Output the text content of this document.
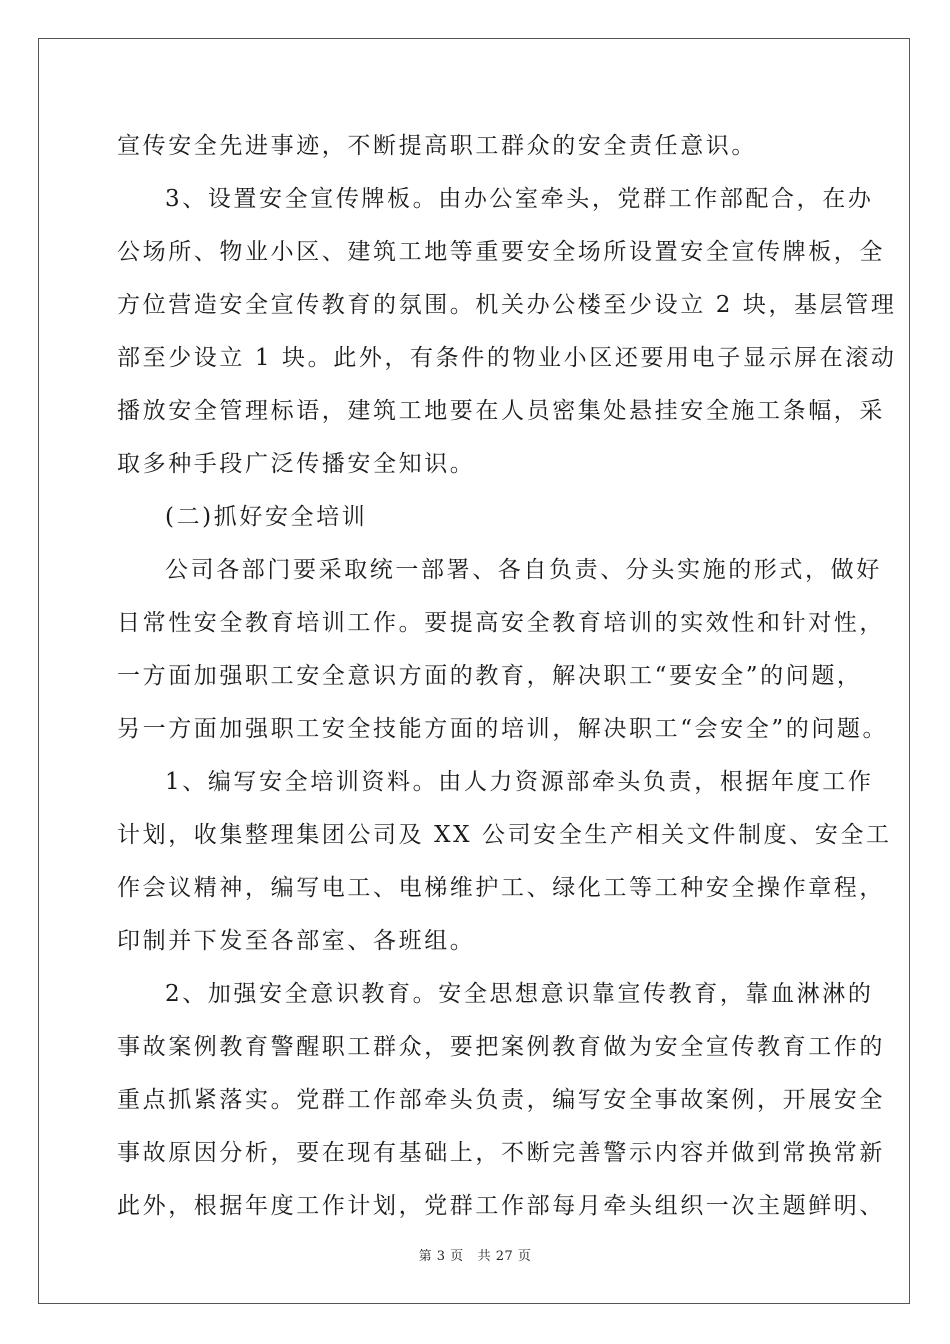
宣传安全先进事迹，不断提高职工群众的安全责任意识。
3、设置安全宣传牌板。由办公室牵头，党群工作部配合，在办
公场所、物业小区、建筑工地等重要安全场所设置安全宣传牌板，全
方位营造安全宣传教育的氛围。机关办公楼至少设立 2 块，基层管理
部至少设立 1 块。此外，有条件的物业小区还要用电子显示屏在滚动
播放安全管理标语，建筑工地要在人员密集处悬挂安全施工条幅，采
取多种手段广泛传播安全知识。
(二)抓好安全培训
公司各部门要采取统一部署、各自负责、分头实施的形式，做好
日常性安全教育培训工作。要提高安全教育培训的实效性和针对性，
一方面加强职工安全意识方面的教育，解决职工“要安全”的问题，
另一方面加强职工安全技能方面的培训，解决职工“会安全”的问题。
1、编写安全培训资料。由人力资源部牵头负责，根据年度工作
计划，收集整理集团公司及 XX 公司安全生产相关文件制度、安全工
作会议精神，编写电工、电梯维护工、绿化工等工种安全操作章程，
印制并下发至各部室、各班组。
2、加强安全意识教育。安全思想意识靠宣传教育，靠血淋淋的
事故案例教育警醒职工群众，要把案例教育做为安全宣传教育工作的
重点抓紧落实。党群工作部牵头负责，编写安全事故案例，开展安全
事故原因分析，要在现有基础上，不断完善警示内容并做到常换常新
此外，根据年度工作计划，党群工作部每月牵头组织一次主题鲜明、
第 3 页 共 27 页
